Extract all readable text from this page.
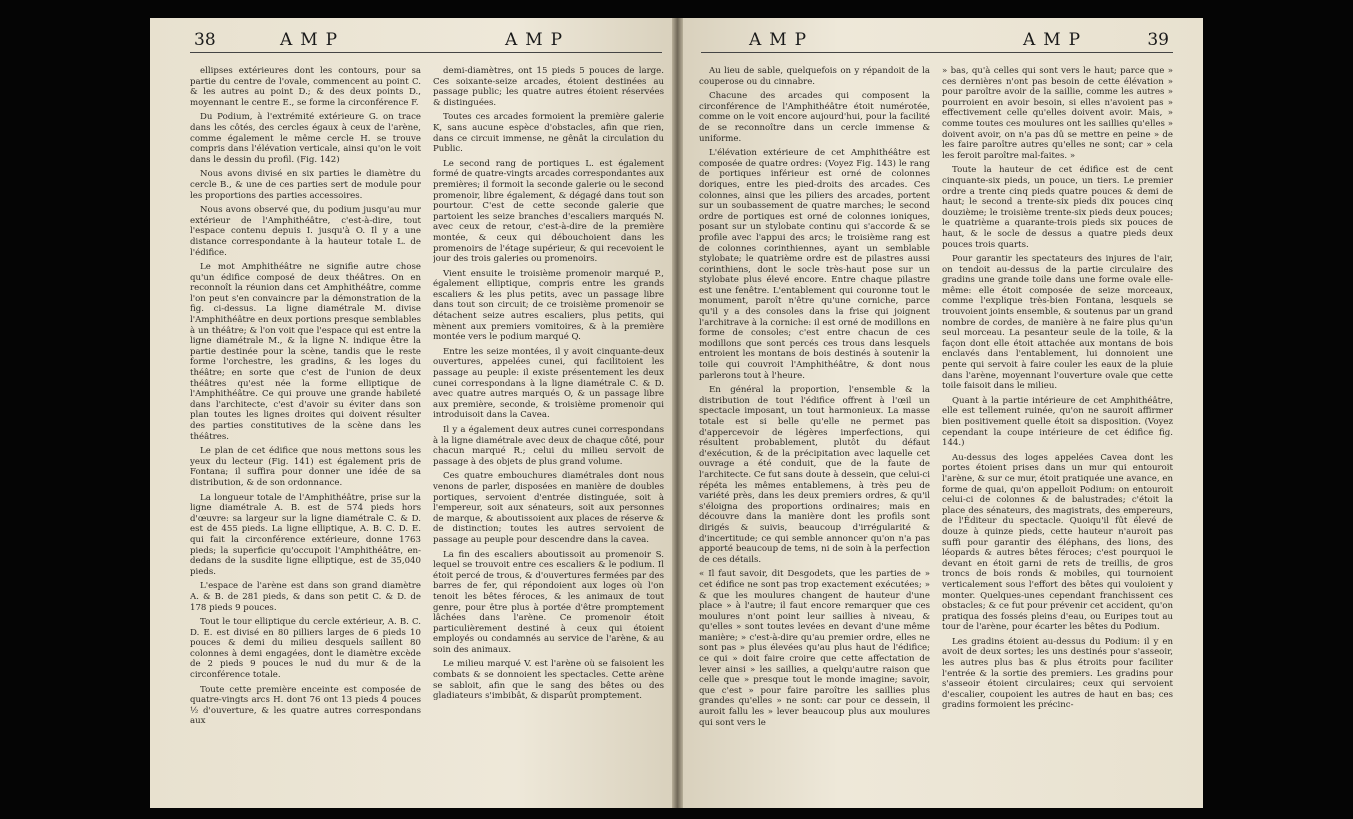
38	AMP	AMP

ellipses extérieures dont les contours, pour sa partie du centre de l'ovale, commencent au point C. & les autres au point D.; & des deux points D., moyennant le centre E., se forme la circonférence F.

Du Podium, à l'extrémité extérieure G. on trace dans les côtés, des cercles égaux à ceux de l'arène, comme également le même cercle H. se trouve compris dans l'élévation verticale, ainsi qu'on le voit dans le dessin du profil. (Fig. 142)

Nous avons divisé en six parties le diamètre du cercle B., & une de ces parties sert de module pour les proportions des parties accessoires.

Nous avons observé que, du podium jusqu'au mur extérieur de l'Amphithéâtre, c'est-à-dire, tout l'espace contenu depuis I. jusqu'à O. Il y a une distance correspondante à la hauteur totale L. de l'édifice.

Le mot Amphithéâtre ne signifie autre chose qu'un édifice composé de deux théâtres. On en reconnoît la réunion dans cet Amphithéâtre, comme l'on peut s'en convaincre par la démonstration de la fig. ci-dessus. La ligne diamétrale M. divise l'Amphithéâtre en deux portions presque semblables à un théâtre; & l'on voit que l'espace qui est entre la ligne diamétrale M., & la ligne N. indique être la partie destinée pour la scène, tandis que le reste forme l'orchestre, les gradins, & les loges du théâtre; en sorte que c'est de l'union de deux théâtres qu'est née la forme elliptique de l'Amphithéâtre. Ce qui prouve une grande habileté dans l'architecte, c'est d'avoir su éviter dans son plan toutes les lignes droites qui doivent résulter des parties constitutives de la scène dans les théâtres.

Le plan de cet édifice que nous mettons sous les yeux du lecteur (Fig. 141) est également pris de Fontana; il suffira pour donner une idée de sa distribution, & de son ordonnance.

La longueur totale de l'Amphithéâtre, prise sur la ligne diamétrale A. B. est de 574 pieds hors d'œuvre: sa largeur sur la ligne diamétrale C. & D. est de 455 pieds. La ligne elliptique, A. B. C. D. E. qui fait la circonférence extérieure, donne 1763 pieds; la superficie qu'occupoit l'Amphithéâtre, en-dedans de la susdite ligne elliptique, est de 35,040 pieds.

L'espace de l'arène est dans son grand diamètre A. & B. de 281 pieds, & dans son petit C. & D. de 178 pieds 9 pouces.

Tout le tour elliptique du cercle extérieur, A. B. C. D. E. est divisé en 80 pilliers larges de 6 pieds 10 pouces & demi du milieu desquels saillent 80 colonnes à demi engagées, dont le diamètre excède de 2 pieds 9 pouces le nud du mur & de la circonférence totale.

Toute cette première enceinte est composée de quatre-vingts arcs H. dont 76 ont 13 pieds 4 pouces ½ d'ouverture, & les quatre autres correspondans aux

demi-diamètres, ont 15 pieds 5 pouces de large. Ces soixante-seize arcades, étoient destinées au passage public; les quatre autres étoient réservées & distinguées.

Toutes ces arcades formoient la première galerie K, sans aucune espèce d'obstacles, afin que rien, dans ce circuit immense, ne gênât la circulation du Public.

Le second rang de portiques L. est également formé de quatre-vingts arcades correspondantes aux premières; il formoit la seconde galerie ou le second promenoir, libre également, & dégagé dans tout son pourtour. C'est de cette seconde galerie que partoient les seize branches d'escaliers marqués N. avec ceux de retour, c'est-à-dire de la première montée, & ceux qui débouchoient dans les promenoirs de l'étage supérieur, & qui recevoient le jour des trois galeries ou promenoirs.

Vient ensuite le troisième promenoir marqué P., également elliptique, compris entre les grands escaliers & les plus petits, avec un passage libre dans tout son circuit; de ce troisième promenoir se détachent seize autres escaliers, plus petits, qui mènent aux premiers vomitoires, & à la première montée vers le podium marqué Q.

Entre les seize montées, il y avoit cinquante-deux ouvertures, appelées cunei, qui facilitoient les passage au peuple: il existe présentement les deux cunei correspondans à la ligne diamétrale C. & D. avec quatre autres marqués O, & un passage libre aux première, seconde, & troisième promenoir qui introduisoit dans la Cavea.

Il y a également deux autres cunei correspondans à la ligne diamétrale avec deux de chaque côté, pour chacun marqué R.; celui du milieu servoit de passage à des objets de plus grand volume.

Ces quatre embouchures diamétrales dont nous venons de parler, disposées en manière de doubles portiques, servoient d'entrée distinguée, soit à l'empereur, soit aux sénateurs, soit aux personnes de marque, & aboutissoient aux places de réserve & de distinction; toutes les autres servoient de passage au peuple pour descendre dans la cavea.

La fin des escaliers aboutissoit au promenoir S. lequel se trouvoit entre ces escaliers & le podium. Il étoit percé de trous, & d'ouvertures fermées par des barres de fer, qui répondoient aux loges où l'on tenoit les bêtes féroces, & les animaux de tout genre, pour être plus à portée d'être promptement lâchées dans l'arène. Ce promenoir étoit particulièrement destiné à ceux qui étoient employés ou condamnés au service de l'arène, & au soin des animaux.

Le milieu marqué V. est l'arène où se faisoient les combats & se donnoient les spectacles. Cette arène se sabloit, afin que le sang des bêtes ou des gladiateurs s'imbibât, & disparût promptement.

AMP	AMP	39

Au lieu de sable, quelquefois on y répandoit de la couperose ou du cinnabre.

Chacune des arcades qui composent la circonférence de l'Amphithéâtre étoit numérotée, comme on le voit encore aujourd'hui, pour la facilité de se reconnoître dans un cercle immense & uniforme.

L'élévation extérieure de cet Amphithéâtre est composée de quatre ordres: (Voyez Fig. 143) le rang de portiques inférieur est orné de colonnes doriques, entre les pied-droits des arcades. Ces colonnes, ainsi que les piliers des arcades, portent sur un soubassement de quatre marches; le second ordre de portiques est orné de colonnes ioniques, posant sur un stylobate continu qui s'accorde & se profile avec l'appui des arcs; le troisième rang est de colonnes corinthiennes, ayant un semblable stylobate; le quatrième ordre est de pilastres aussi corinthiens, dont le socle très-haut pose sur un stylobate plus élevé encore. Entre chaque pilastre est une fenêtre. L'entablement qui couronne tout le monument, paroît n'être qu'une corniche, parce qu'il y a des consoles dans la frise qui joignent l'architrave à la corniche: il est orné de modillons en forme de consoles; c'est entre chacun de ces modillons que sont percés ces trous dans lesquels entroient les montans de bois destinés à soutenir la toile qui couvroit l'Amphithéâtre, & dont nous parlerons tout à l'heure.

En général la proportion, l'ensemble & la distribution de tout l'édifice offrent à l'œil un spectacle imposant, un tout harmonieux. La masse totale est si belle qu'elle ne permet pas d'appercevoir de légères imperfections, qui résultent probablement, plutôt du défaut d'exécution, & de la précipitation avec laquelle cet ouvrage a été conduit, que de la faute de l'architecte. Ce fut sans doute à dessein, que celui-ci répéta les mêmes entablemens, à très peu de variété près, dans les deux premiers ordres, & qu'il s'éloigna des proportions ordinaires; mais en découvre dans la manière dont les profils sont dirigés & suivis, beaucoup d'irrégularité & d'incertitude; ce qui semble annoncer qu'on n'a pas apporté beaucoup de tems, ni de soin à la perfection de ces détails.

« Il faut savoir, dit Desgodets, que les parties de » cet édifice ne sont pas trop exactement exécutées; » & que les moulures changent de hauteur d'une place » à l'autre; il faut encore remarquer que ces moulures n'ont point leur saillies à niveau, & qu'elles » sont toutes levées en devant d'une même manière; » c'est-à-dire qu'au premier ordre, elles ne sont pas » plus élevées qu'au plus haut de l'édifice; ce qui » doit faire croire que cette affectation de lever ainsi » les saillies, a quelqu'autre raison que celle que » presque tout le monde imagine; savoir, que c'est » pour faire paroître les saillies plus grandes qu'elles » ne sont: car pour ce dessein, il auroit fallu les » lever beaucoup plus aux moulures qui sont vers le

» bas, qu'à celles qui sont vers le haut; parce que » ces dernières n'ont pas besoin de cette élévation » pour paroître avoir de la saillie, comme les autres » pourroient en avoir besoin, si elles n'avoient pas » effectivement celle qu'elles doivent avoir. Mais, » comme toutes ces moulures ont les saillies qu'elles » doivent avoir, on n'a pas dû se mettre en peine » de les faire paroître autres qu'elles ne sont; car » cela les feroit paroître mal-faites. »

Toute la hauteur de cet édifice est de cent cinquante-six pieds, un pouce, un tiers. Le premier ordre a trente cinq pieds quatre pouces & demi de haut; le second a trente-six pieds dix pouces cinq douzième; le troisième trente-six pieds deux pouces; le quatrième a quarante-trois pieds six pouces de haut, & le socle de dessus a quatre pieds deux pouces trois quarts.

Pour garantir les spectateurs des injures de l'air, on tendoit au-dessus de la partie circulaire des gradins une grande toile dans une forme ovale elle-même: elle étoit composée de seize morceaux, comme l'explique très-bien Fontana, lesquels se trouvoient joints ensemble, & soutenus par un grand nombre de cordes, de manière à ne faire plus qu'un seul morceau. La pesanteur seule de la toile, & la façon dont elle étoit attachée aux montans de bois enclavés dans l'entablement, lui donnoient une pente qui servoit à faire couler les eaux de la pluie dans l'arène, moyennant l'ouverture ovale que cette toile faisoit dans le milieu.

Quant à la partie intérieure de cet Amphithéâtre, elle est tellement ruinée, qu'on ne sauroit affirmer bien positivement quelle étoit sa disposition. (Voyez cependant la coupe intérieure de cet édifice fig. 144.)

Au-dessus des loges appelées Cavea dont les portes étoient prises dans un mur qui entouroit l'arène, & sur ce mur, étoit pratiquée une avance, en forme de quai, qu'on appelloit Podium: on entouroit celui-ci de colonnes & de balustrades; c'étoit la place des sénateurs, des magistrats, des empereurs, de l'Éditeur du spectacle. Quoiqu'il fût élevé de douze à quinze pieds, cette hauteur n'auroit pas suffi pour garantir des éléphans, des lions, des léopards & autres bêtes féroces; c'est pourquoi le devant en étoit garni de rets de treillis, de gros troncs de bois ronds & mobiles, qui tournoient verticalement sous l'effort des bêtes qui vouloient y monter. Quelques-unes cependant franchissent ces obstacles; & ce fut pour prévenir cet accident, qu'on pratiqua des fossés pleins d'eau, ou Euripes tout au tour de l'arène, pour écarter les bêtes du Podium.

Les gradins étoient au-dessus du Podium: il y en avoit de deux sortes; les uns destinés pour s'asseoir, les autres plus bas & plus étroits pour faciliter l'entrée & la sortie des premiers. Les gradins pour s'asseoir étoient circulaires; ceux qui servoient d'escalier, coupoient les autres de haut en bas; ces gradins formoient les précinc-
